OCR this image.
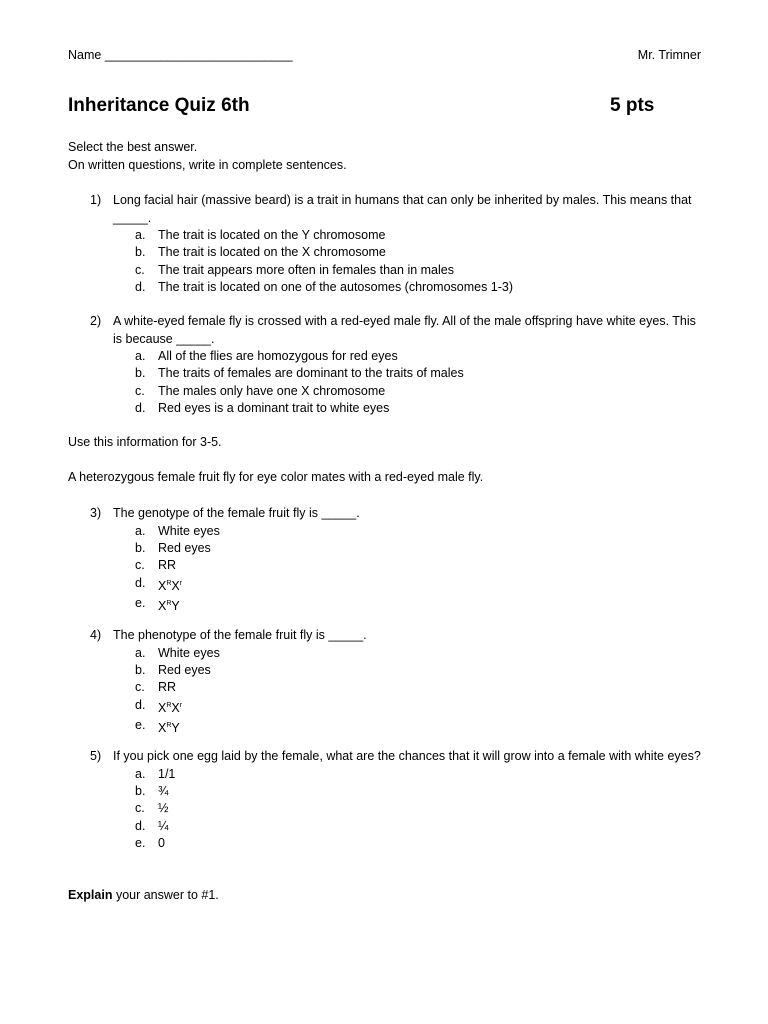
Name ___________________________	Mr. Trimner
Inheritance Quiz 6th	5 pts
Select the best answer.
On written questions, write in complete sentences.
1) Long facial hair (massive beard) is a trait in humans that can only be inherited by males. This means that _____.
a. The trait is located on the Y chromosome
b. The trait is located on the X chromosome
c. The trait appears more often in females than in males
d. The trait is located on one of the autosomes (chromosomes 1-3)
2) A white-eyed female fly is crossed with a red-eyed male fly. All of the male offspring have white eyes. This is because _____.
a. All of the flies are homozygous for red eyes
b. The traits of females are dominant to the traits of males
c. The males only have one X chromosome
d. Red eyes is a dominant trait to white eyes
Use this information for 3-5.
A heterozygous female fruit fly for eye color mates with a red-eyed male fly.
3) The genotype of the female fruit fly is _____.
a. White eyes
b. Red eyes
c. RR
d. $X^RX^r$
e. $X^RY$
4) The phenotype of the female fruit fly is _____.
a. White eyes
b. Red eyes
c. RR
d. $X^RX^r$
e. $X^RY$
5) If you pick one egg laid by the female, what are the chances that it will grow into a female with white eyes?
a. 1/1
b. ¾
c. ½
d. ¼
e. 0
Explain your answer to #1.
